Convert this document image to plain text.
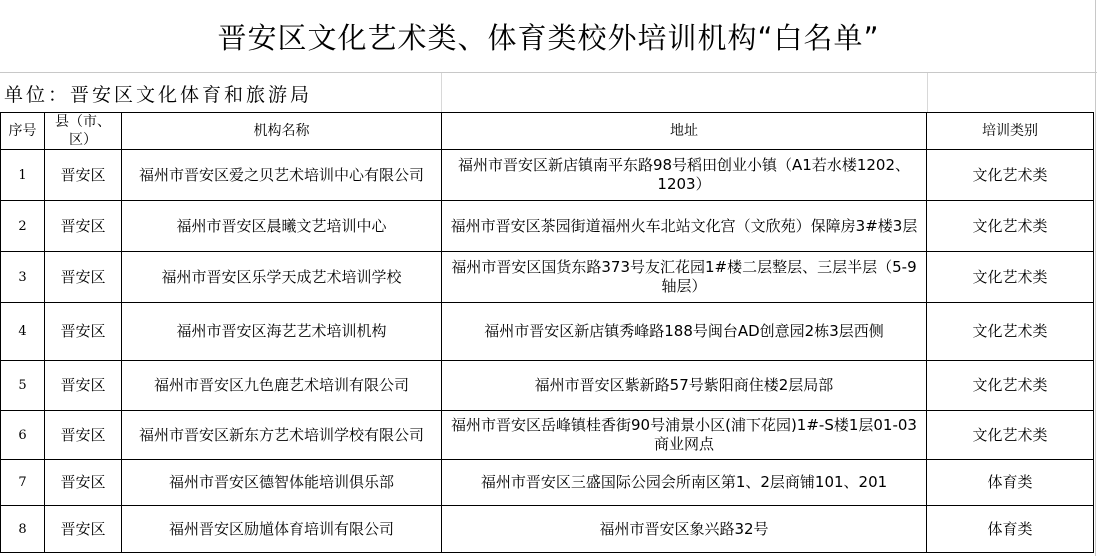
晋安区文化艺术类、体育类校外培训机构“白名单”
单位：晋安区文化体育和旅游局
序号	县（市、区）	机构名称	地址	培训类别
1	晋安区	福州市晋安区爱之贝艺术培训中心有限公司	福州市晋安区新店镇南平东路98号稻田创业小镇（A1若水楼1202、1203）	文化艺术类
2	晋安区	福州市晋安区晨曦文艺培训中心	福州市晋安区茶园街道福州火车北站文化宫（文欣苑）保障房3#楼3层	文化艺术类
3	晋安区	福州市晋安区乐学天成艺术培训学校	福州市晋安区国货东路373号友汇花园1#楼二层整层、三层半层（5-9轴层）	文化艺术类
4	晋安区	福州市晋安区海艺艺术培训机构	福州市晋安区新店镇秀峰路188号闽台AD创意园2栋3层西侧	文化艺术类
5	晋安区	福州市晋安区九色鹿艺术培训有限公司	福州市晋安区紫新路57号紫阳商住楼2层局部	文化艺术类
6	晋安区	福州市晋安区新东方艺术培训学校有限公司	福州市晋安区岳峰镇桂香街90号浦景小区(浦下花园)1#-S楼1层01-03商业网点	文化艺术类
7	晋安区	福州市晋安区德智体能培训俱乐部	福州市晋安区三盛国际公园会所南区第1、2层商铺101、201	体育类
8	晋安区	福州晋安区励馗体育培训有限公司	福州市晋安区象兴路32号	体育类
